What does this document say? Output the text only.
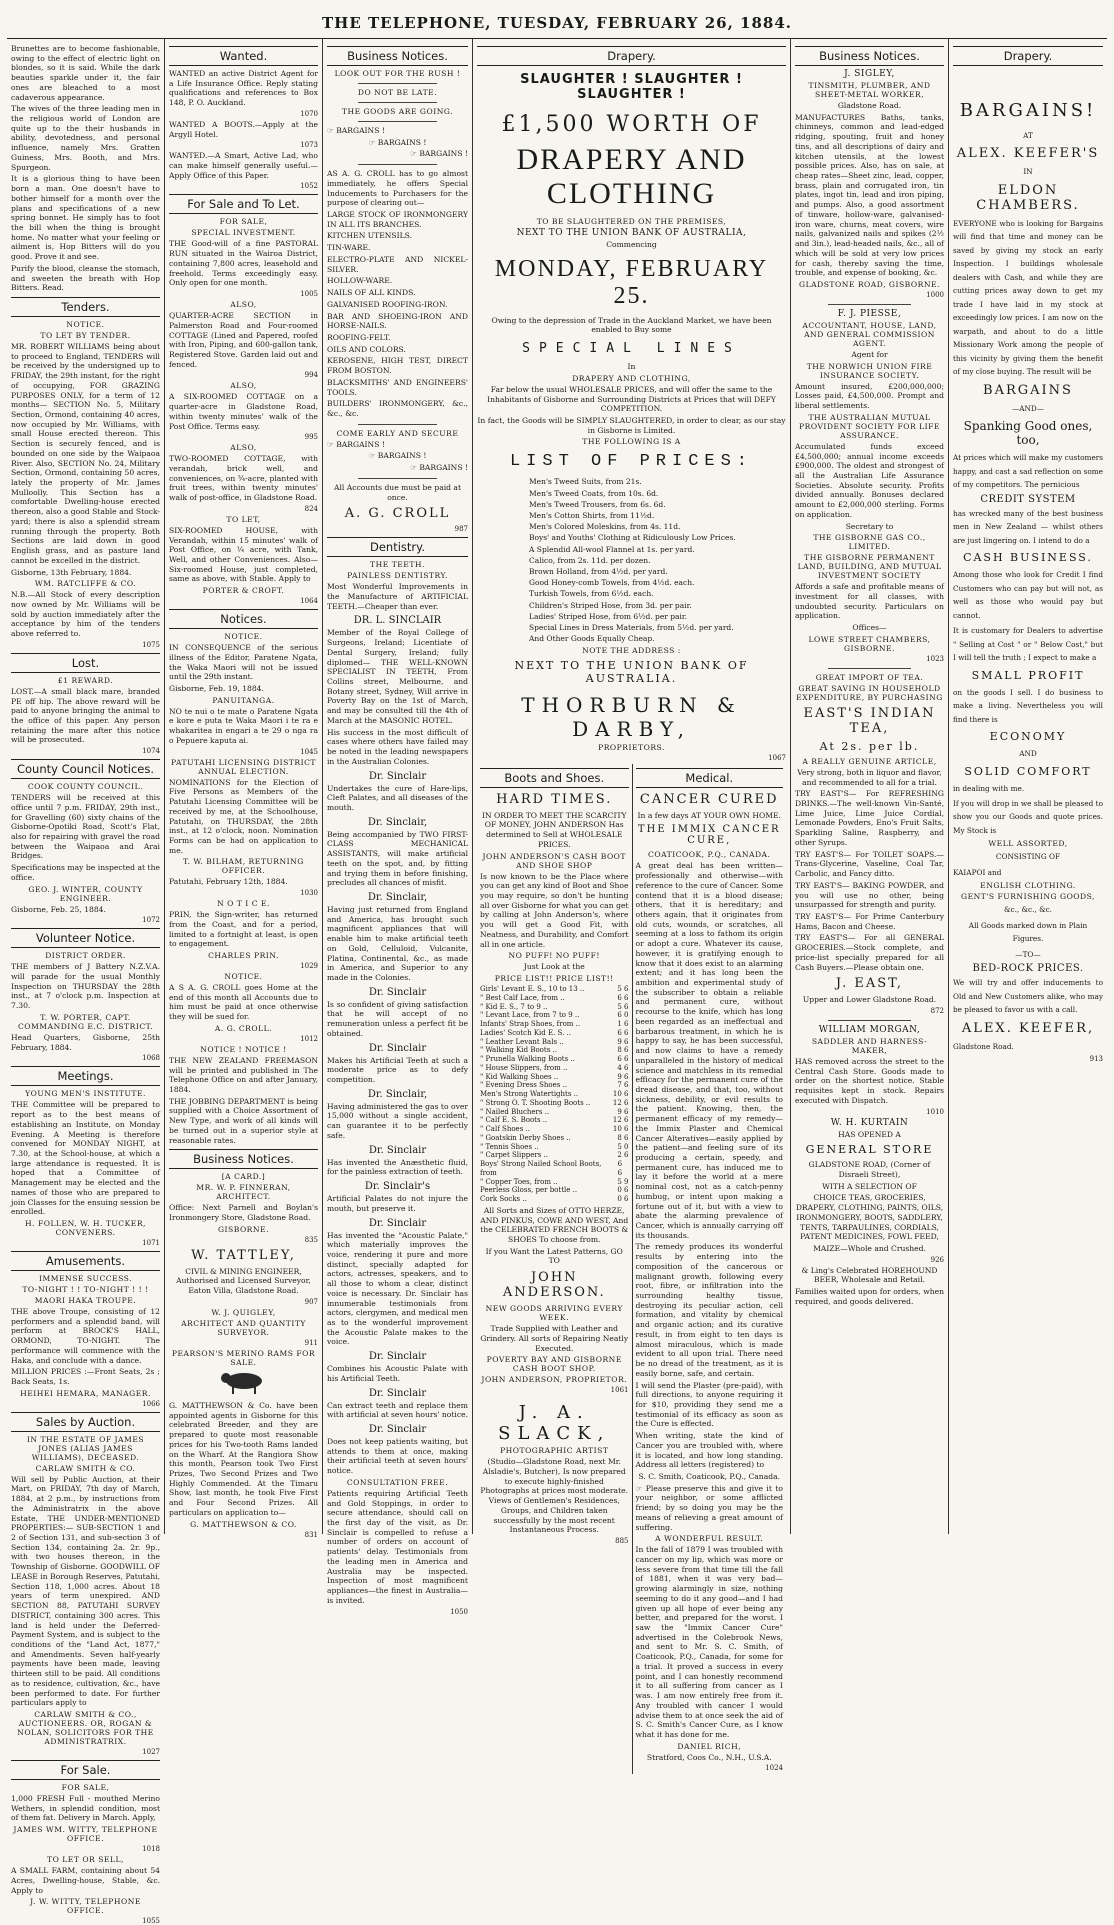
THE TELEPHONE, TUESDAY, FEBRUARY 26, 1884.

Brunettes are to become fashionable, owing to the effect of electric light on blondes, so it is said. While the dark beauties sparkle under it, the fair ones are bleached to a most cadaverous appearance.

The wives of the three leading men in the religious world of London are quite up to the their husbands in ability, devotedness, and personal influence, namely Mrs. Gratten Guiness, Mrs. Booth, and Mrs. Spurgeon.

It is a glorious thing to have been born a man. One doesn't have to bother himself for a month over the plans and specifications of a new spring bonnet. He simply has to foot the bill when the thing is brought home. No matter what your feeling or ailment is, Hop Bitters will do you good. Prove it and see.

Purify the blood, cleanse the stomach, and sweeten the breath with Hop Bitters. Read.

Tenders.
NOTICE.
TO LET BY TENDER.

MR. ROBERT WILLIAMS being about to proceed to England, TENDERS will be received by the undersigned up to FRIDAY, the 29th instant, for the right of occupying, FOR GRAZING PURPOSES ONLY, for a term of 12 months— SECTION No. 5, Military Section, Ormond, containing 40 acres, now occupied by Mr. Williams, with small House erected thereon. This Section is securely fenced, and is bounded on one side by the Waipaoa River. Also, SECTION No. 24, Military Section, Ormond, containing 50 acres, lately the property of Mr. James Mulloolly. This Section has a comfortable Dwelling-house erected thereon, also a good Stable and Stock-yard; there is also a splendid stream running through the property. Both Sections are laid down in good English grass, and as pasture land cannot be excelled in the district.

Gisborne, 13th February, 1884.

WM. RATCLIFFE & CO.

N.B.—All Stock of every description now owned by Mr. Williams will be sold by auction immediately after the acceptance by him of the tenders above referred to.

1075
Lost.
£1 REWARD.

LOST.—A small black mare, branded PE off hip. The above reward will be paid to anyone bringing the animal to the office of this paper. Any person retaining the mare after this notice will be prosecuted.

1074
County Council Notices.
COOK COUNTY COUNCIL.

TENDERS will be received at this office until 7 p.m. FRIDAY, 29th inst., for Gravelling (60) sixty chains of the Gisborne-Opotiki Road, Scott's Flat, also for repairing with gravel the road between the Waipaoa and Arai Bridges.

Specifications may be inspected at the office.

GEO. J. WINTER, COUNTY ENGINEER.

Gisborne, Feb. 25, 1884.

1072
Volunteer Notice.
DISTRICT ORDER.

THE members of J Battery N.Z.V.A. will parade for the usual Monthly Inspection on THURSDAY the 28th inst., at 7 o'clock p.m. Inspection at 7.30.

T. W. PORTER, CAPT. COMMANDING E.C. DISTRICT.

Head Quarters, Gisborne, 25th February, 1884.

1068
Meetings.
YOUNG MEN'S INSTITUTE.

THE Committee will be prepared to report as to the best means of establishing an Institute, on Monday Evening. A Meeting is therefore convened for MONDAY NIGHT, at 7.30, at the School-house, at which a large attendance is requested. It is hoped that a Committee of Management may be elected and the names of those who are prepared to join Classes for the ensuing session be enrolled.

H. FOLLEN, W. H. TUCKER, CONVENERS.
1071
Amusements.
IMMENSE SUCCESS.
TO-NIGHT ! ! TO-NIGHT ! ! !
MAORI HAKA TROUPE.

THE above Troupe, consisting of 12 performers and a splendid band, will perform at BROCK'S HALL, ORMOND, TO-NIGHT. The performance will commence with the Haka, and conclude with a dance.

MILLION PRICES :—Front Seats, 2s ; Back Seats, 1s.

HEIHEI HEMARA, MANAGER.
1066
Sales by Auction.
IN THE ESTATE OF JAMES JONES (ALIAS JAMES WILLIAMS), DECEASED.
CARLAW SMITH & CO.

Will sell by Public Auction, at their Mart, on FRIDAY, 7th day of March, 1884, at 2 p.m., by instructions from the Administratrix in the above Estate, THE UNDER-MENTIONED PROPERTIES:— SUB-SECTION 1 and 2 of Section 131, and sub-section 3 of Section 134, containing 2a. 2r. 9p., with two houses thereon, in the Township of Gisborne. GOODWILL OF LEASE in Borough Reserves, Patutahi, Section 118, 1,000 acres. About 18 years of term unexpired. AND SECTION 88, PATUTAHI SURVEY DISTRICT, containing 300 acres. This land is held under the Deferred-Payment System, and is subject to the conditions of the "Land Act, 1877," and Amendments. Seven half-yearly payments have been made, leaving thirteen still to be paid. All conditions as to residence, cultivation, &c., have been performed to date. For further particulars apply to

CARLAW SMITH & CO., AUCTIONEERS. OR, ROGAN & NOLAN, SOLICITORS FOR THE ADMINISTRATRIX.
1027
For Sale.
FOR SALE,

1,000 FRESH Full - mouthed Merino Wethers, in splendid condition, most of them fat. Delivery in March. Apply,

JAMES WM. WITTY, TELEPHONE OFFICE.
1018
TO LET OR SELL,

A SMALL FARM, containing about 54 Acres, Dwelling-house, Stable, &c. Apply to

J. W. WITTY, TELEPHONE OFFICE.
1055
Wanted.

WANTED an active District Agent for a Life Insurance Office. Reply stating qualifications and references to Box 148, P. O. Auckland.

1070

WANTED A BOOTS.—Apply at the Argyll Hotel.

1073

WANTED.—A Smart, Active Lad, who can make himself generally useful.—Apply Office of this Paper.

1052
For Sale and To Let.
FOR SALE,
SPECIAL INVESTMENT.

THE Good-will of a fine PASTORAL RUN situated in the Wairoa District, containing 7,800 acres, leasehold and freehold. Terms exceedingly easy. Only open for one month.

1005
ALSO,

QUARTER-ACRE SECTION in Palmerston Road and Four-roomed COTTAGE (Lined and Papered, roofed with Iron, Piping, and 600-gallon tank, Registered Stove. Garden laid out and fenced.

994
ALSO,

A SIX-ROOMED COTTAGE on a quarter-acre in Gladstone Road, within twenty minutes' walk of the Post Office. Terms easy.

995
ALSO,

TWO-ROOMED COTTAGE, with verandah, brick well, and conveniences, on ¾-acre, planted with fruit trees, within twenty minutes' walk of post-office, in Gladstone Road.

824
TO LET,

SIX-ROOMED HOUSE, with Verandah, within 15 minutes' walk of Post Office, on ¼ acre, with Tank, Well, and other Conveniences. Also— Six-roomed House, just completed, same as above, with Stable. Apply to

PORTER & CROFT.
1064
Notices.
NOTICE.

IN CONSEQUENCE of the serious illness of the Editor, Paratene Ngata, the Waka Maori will not be issued until the 29th instant.

Gisborne, Feb. 19, 1884.

PANUITANGA.

NO te nui o te mate o Paratene Ngata e kore e puta te Waka Maori i te ra e whakaritea in engari a te 29 o nga ra o Pepuere kaputa ai.

1045
PATUTAHI LICENSING DISTRICT ANNUAL ELECTION.

NOMINATIONS for the Election of Five Persons as Members of the Patutahi Licensing Committee will be received by me, at the Schoolhouse, Patutahi, on THURSDAY, the 28th inst., at 12 o'clock, noon. Nomination Forms can be had on application to me.

T. W. BILHAM, RETURNING OFFICER.

Patutahi, February 12th, 1884.

1030
N O T I C E.

PRIN, the Sign-writer, has returned from the Coast, and for a period, limited to a fortnight at least, is open to engagement.

CHARLES PRIN.
1029
NOTICE.

A S A. G. CROLL goes Home at the end of this month all Accounts due to him must be paid at once otherwise they will be sued for.

A. G. CROLL.
1012
NOTICE ! NOTICE !

THE NEW ZEALAND FREEMASON will be printed and published in The Telephone Office on and after January, 1884.

THE JOBBING DEPARTMENT is being supplied with a Choice Assortment of New Type, and work of all kinds will be turned out in a superior style at reasonable rates.

Business Notices.
[A CARD.]
MR. W. P. FINNERAN, ARCHITECT.

Office: Next Parnell and Boylan's Ironmongery Store, Gladstone Road.

GISBORNE.
835
W. TATTLEY,

CIVIL & MINING ENGINEER, Authorised and Licensed Surveyor, Eaton Villa, Gladstone Road.

907
W. J. QUIGLEY,
ARCHITECT AND QUANTITY SURVEYOR.
911
PEARSON'S MERINO RAMS FOR SALE.

G. MATTHEWSON & Co. have been appointed agents in Gisborne for this celebrated Breeder, and they are prepared to quote most reasonable prices for his Two-tooth Rams landed on the Wharf. At the Rangiora Show this month, Pearson took Two First Prizes, Two Second Prizes and Two Highly Commended. At the Timaru Show, last month, he took Five First and Four Second Prizes. All particulars on application to—

G. MATTHEWSON & CO.
831
Business Notices.
LOOK OUT FOR THE RUSH !
DO NOT BE LATE.
THE GOODS ARE GOING.

☞ BARGAINS !

☞ BARGAINS !

☞ BARGAINS !

AS A. G. CROLL has to go almost immediately, he offers Special Inducements to Purchasers for the purpose of clearing out—

LARGE STOCK OF IRONMONGERY IN ALL ITS BRANCHES.

KITCHEN UTENSILS.

TIN-WARE.

ELECTRO-PLATE AND NICKEL-SILVER.

HOLLOW-WARE.

NAILS OF ALL KINDS.

GALVANISED ROOFING-IRON.

BAR AND SHOEING-IRON AND HORSE-NAILS.

ROOFING-FELT.

OILS AND COLORS.

KEROSENE, HIGH TEST, DIRECT FROM BOSTON.

BLACKSMITHS' AND ENGINEERS' TOOLS.

BUILDERS' IRONMONGERY, &c., &c., &c.

COME EARLY AND SECURE

☞ BARGAINS !

☞ BARGAINS !

☞ BARGAINS !

All Accounts due must be paid at once.

A. G. CROLL
987
Dentistry.
THE TEETH.
PAINLESS DENTISTRY.

Most Wonderful Improvements in the Manufacture of ARTIFICIAL TEETH.—Cheaper than ever.

DR. L. SINCLAIR

Member of the Royal College of Surgeons, Ireland; Licentiate of Dental Surgery, Ireland; fully diplomed— THE WELL-KNOWN SPECIALIST IN TEETH, From Collins street, Melbourne, and Botany street, Sydney, Will arrive in Poverty Bay on the 1st of March, and may be consulted till the 4th of March at the MASONIC HOTEL.

His success in the most difficult of cases where others have failed may be noted in the leading newspapers in the Australian Colonies.

Dr. Sinclair

Undertakes the cure of Hare-lips, Cleft Palates, and all diseases of the mouth.

Dr. Sinclair,

Being accompanied by TWO FIRST-CLASS MECHANICAL ASSISTANTS, will make artificial teeth on the spot, and, by fitting and trying them in before finishing, precludes all chances of misfit.

Dr. Sinclair,

Having just returned from England and America, has brought such magnificent appliances that will enable him to make artificial teeth on Gold, Celluloid, Vulcanite, Platina, Continental, &c., as made in America, and Superior to any made in the Colonies.

Dr. Sinclair

Is so confident of giving satisfaction that he will accept of no remuneration unless a perfect fit be obtained.

Dr. Sinclair

Makes his Artificial Teeth at such a moderate price as to defy competition.

Dr. Sinclair,

Having administered the gas to over 15,000 without a single accident, can guarantee it to be perfectly safe.

Dr. Sinclair

Has invented the Anæsthetic fluid, for the painless extraction of teeth.

Dr. Sinclair's

Artificial Palates do not injure the mouth, but preserve it.

Dr. Sinclair

Has invented the "Acoustic Palate," which materially improves the voice, rendering it pure and more distinct, specially adapted for actors, actresses, speakers, and to all those to whom a clear, distinct voice is necessary. Dr. Sinclair has innumerable testimonials from actors, clergymen, and medical men as to the wonderful improvement the Acoustic Palate makes to the voice.

Dr. Sinclair

Combines his Acoustic Palate with his Artificial Teeth.

Dr. Sinclair

Can extract teeth and replace them with artificial at seven hours' notice.

Dr. Sinclair

Does not keep patients waiting, but attends to them at once, making their artificial teeth at seven hours' notice.

CONSULTATION FREE.

Patients requiring Artificial Teeth and Gold Stoppings, in order to secure attendance, should call on the first day of the visit, as Dr. Sinclair is compelled to refuse a number of orders on account of patients' delay. Testimonials from the leading men in America and Australia may be inspected. Inspection of most magnificent appliances—the finest in Australia—is invited.

1050
Drapery.
SLAUGHTER ! SLAUGHTER ! SLAUGHTER !
£1,500 WORTH OF
DRAPERY AND CLOTHING
TO BE SLAUGHTERED ON THE PREMISES,
NEXT TO THE UNION BANK OF AUSTRALIA,

Commencing

MONDAY, FEBRUARY 25.

Owing to the depression of Trade in the Auckland Market, we have been enabled to Buy some

SPECIAL LINES

In

DRAPERY AND CLOTHING,

Far below the usual WHOLESALE PRICES, and will offer the same to the Inhabitants of Gisborne and Surrounding Districts at Prices that will DEFY COMPETITION.

In fact, the Goods will be SIMPLY SLAUGHTERED, in order to clear, as our stay in Gisborne is Limited.

THE FOLLOWING IS A
LIST OF PRICES:

Men's Tweed Suits, from 21s.

Men's Tweed Coats, from 10s. 6d.

Men's Tweed Trousers, from 6s. 6d.

Men's Cotton Shirts, from 11½d.

Men's Colored Moleskins, from 4s. 11d.

Boys' and Youths' Clothing at Ridiculously Low Prices.

A Splendid All-wool Flannel at 1s. per yard.

Calico, from 2s. 11d. per dozen.

Brown Holland, from 4½d. per yard.

Good Honey-comb Towels, from 4½d. each.

Turkish Towels, from 6½d. each.

Children's Striped Hose, from 3d. per pair.

Ladies' Striped Hose, from 6½d. per pair.

Special Lines in Dress Materials, from 5½d. per yard.

And Other Goods Equally Cheap.

NOTE THE ADDRESS :
NEXT TO THE UNION BANK OF AUSTRALIA.
THORBURN & DARBY,
PROPRIETORS.
1067
Boots and Shoes.
HARD TIMES.

IN ORDER TO MEET THE SCARCITY OF MONEY, JOHN ANDERSON Has determined to Sell at WHOLESALE PRICES.

JOHN ANDERSON'S CASH BOOT AND SHOE SHOP

Is now known to be the Place where you can get any kind of Boot and Shoe you may require, so don't be hunting all over Gisborne for what you can get by calling at John Anderson's, where you will get a Good Fit, with Neatness, and Durability, and Comfort all in one article.

NO PUFF! NO PUFF!

Just Look at the

PRICE LIST!! PRICE LIST!!
Girls' Levant E. S., 10 to 13 ..	5 6
" Best Calf Lace, from ..	6 6
" Kid E. S., 7 to 9 ..	5 6
" Levant Lace, from 7 to 9 ..	6 0
Infants' Strap Shoes, from ..	1 6
Ladies' Scotch Kid E. S. ..	6 6
" Leather Levant Bals ..	9 6
" Walking Kid Boots ..	8 6
" Prunella Walking Boots ..	6 6
" House Slippers, from ..	4 6
" Kid Walking Shoes ..	9 6
" Evening Dress Shoes ..	7 6
Men's Strong Watertights ..	10 6
" Strong O. T. Shooting Boots ..	12 6
" Nailed Bluchers ..	9 6
" Calf E. S. Boots ..	12 6
" Calf Shoes ..	10 6
" Goatskin Derby Shoes ..	8 6
" Tennis Shoes ..	5 0
" Carpet Slippers ..	2 6
Boys' Strong Nailed School Boots, from
6 6
" Copper Toes, from ..	5 9
Peerless Gloss, per bottle ..	0 6
Cork Socks ..	0 6

All Sorts and Sizes of OTTO HERZE, AND PINKUS, COWE AND WEST, And the CELEBRATED FRENCH BOOTS & SHOES To choose from.

If you Want the Latest Patterns, GO TO

JOHN ANDERSON.
NEW GOODS ARRIVING EVERY WEEK.

Trade Supplied with Leather and Grindery. All sorts of Repairing Neatly Executed.

POVERTY BAY AND GISBORNE CASH BOOT SHOP.
JOHN ANDERSON, PROPRIETOR.
1061
J. A. SLACK,
PHOTOGRAPHIC ARTIST

(Studio—Gladstone Road, next Mr. Alsladie's, Butcher), Is now prepared to execute highly-finished Photographs at prices most moderate. Views of Gentlemen's Residences, Groups, and Children taken successfully by the most recent Instantaneous Process.

885
Medical.
CANCER CURED

In a few days AT YOUR OWN HOME.

THE IMMIX CANCER CURE,
COATICOOK, P.Q., CANADA.

A great deal has been written—professionally and otherwise—with reference to the cure of Cancer. Some contend that it is a blood disease; others, that it is hereditary; and others again, that it originates from old cuts, wounds, or scratches, all seeming at a loss to fathom its origin or adopt a cure. Whatever its cause, however, it is gratifying enough to know that it does exist to an alarming extent; and it has long been the ambition and experimental study of the subscriber to obtain a reliable and permanent cure, without recourse to the knife, which has long been regarded as an ineffectual and barbarous treatment, in which he is happy to say, he has been successful, and now claims to have a remedy unparalleled in the history of medical science and matchless in its remedial efficacy for the permanent cure of the dread disease, and that, too, without sickness, debility, or evil results to the patient. Knowing, then, the permanent efficacy of my remedy—the Immix Plaster and Chemical Cancer Alteratives—easily applied by the patient—and feeling sure of its producing a certain, speedy, and permanent cure, has induced me to lay it before the world at a mere nominal cost, not as a catch-penny humbug, or intent upon making a fortune out of it, but with a view to abate the alarming prevalence of Cancer, which is annually carrying off its thousands.

The remedy produces its wonderful results by entering into the composition of the cancerous or malignant growth, following every root, fibre, or infiltration into the surrounding healthy tissue, destroying its peculiar action, cell formation, and vitality by chemical and organic action; and its curative result, in from eight to ten days is almost miraculous, which is made evident to all upon trial. There need be no dread of the treatment, as it is easily borne, safe, and certain.

I will send the Plaster (pre-paid), with full directions, to anyone requiring it for $10, providing they send me a testimonial of its efficacy as soon as the Cure is effected.

When writing, state the kind of Cancer you are troubled with, where it is located, and how long standing. Address all letters (registered) to

S. C. Smith, Coaticook, P.Q., Canada.

☞ Please preserve this and give it to your neighbor, or some afflicted friend; by so doing you may be the means of relieving a great amount of suffering.

A WONDERFUL RESULT.

In the fall of 1879 I was troubled with cancer on my lip, which was more or less severe from that time till the fall of 1881, when it was very bad—growing alarmingly in size, nothing seeming to do it any good—and I had given up all hope of ever being any better, and prepared for the worst. I saw the "Immix Cancer Cure" advertised in the Colebrook News, and sent to Mr. S. C. Smith, of Coaticook, P.Q., Canada, for some for a trial. It proved a success in every point, and I can honestly recommend it to all suffering from cancer as I was. I am now entirely free from it. Any troubled with cancer I would advise them to at once seek the aid of S. C. Smith's Cancer Cure, as I know what it has done for me.

DANIEL RICH,

Stratford, Coos Co., N.H., U.S.A.

1024
Business Notices.
J. SIGLEY,
TINSMITH, PLUMBER, AND SHEET-METAL WORKER,

Gladstone Road.

MANUFACTURES Baths, tanks, chimneys, common and lead-edged ridging, spouting, fruit and honey tins, and all descriptions of dairy and kitchen utensils, at the lowest possible prices. Also, has on sale, at cheap rates—Sheet zinc, lead, copper, brass, plain and corrugated iron, tin plates, ingot tin, lead and iron piping, and pumps. Also, a good assortment of tinware, hollow-ware, galvanised-iron ware, churns, meat covers, wire nails, galvanized nails and spikes (2½ and 3in.), lead-headed nails, &c., all of which will be sold at very low prices for cash, thereby saving the time, trouble, and expense of booking, &c.

GLADSTONE ROAD, GISBORNE.
1000
F. J. PIESSE,
ACCOUNTANT, HOUSE, LAND, AND GENERAL COMMISSION AGENT.

Agent for

THE NORWICH UNION FIRE INSURANCE SOCIETY.

Amount insured, £200,000,000; Losses paid, £4,500,000. Prompt and liberal settlements.

THE AUSTRALIAN MUTUAL PROVIDENT SOCIETY FOR LIFE ASSURANCE.

Accumulated funds exceed £4,500,000; annual income exceeds £900,000. The oldest and strongest of all the Australian Life Assurance Societies. Absolute security. Profits divided annually. Bonuses declared amount to £2,000,000 sterling. Forms on application.

Secretary to

THE GISBORNE GAS CO., LIMITED.
THE GISBORNE PERMANENT LAND, BUILDING, AND MUTUAL INVESTMENT SOCIETY

Affords a safe and profitable means of investment for all classes, with undoubted security. Particulars on application.

Offices—

LOWE STREET CHAMBERS, GISBORNE.
1023
GREAT IMPORT OF TEA.
GREAT SAVING IN HOUSEHOLD EXPENDITURE, BY PURCHASING
EAST'S INDIAN TEA,
At 2s. per lb.
A REALLY GENUINE ARTICLE,

Very strong, both in liquor and flavor, and recommended to all for a trial.

TRY EAST'S— For REFRESHING DRINKS.—The well-known Vin-Santé, Lime Juice, Lime Juice Cordial, Lemonade Powders, Eno's Fruit Salts, Sparkling Saline, Raspberry, and other Syrups.

TRY EAST'S— For TOILET SOAPS.—Trans-Glycerine, Vaseline, Coal Tar, Carbolic, and Fancy ditto.

TRY EAST'S— BAKING POWDER, and you will use no other, being unsurpassed for strength and purity.

TRY EAST'S— For Prime Canterbury Hams, Bacon and Cheese.

TRY EAST'S— For all GENERAL GROCERIES.—Stock complete, and price-list specially prepared for all Cash Buyers.—Please obtain one.

J. EAST,

Upper and Lower Gladstone Road.

872
WILLIAM MORGAN,
SADDLER AND HARNESS-MAKER,

HAS removed across the street to the Central Cash Store. Goods made to order on the shortest notice. Stable requisites kept in stock. Repairs executed with Dispatch.

1010
W. H. KURTAIN

HAS OPENED A

GENERAL STORE

GLADSTONE ROAD, (Corner of Disraeli Street),

WITH A SELECTION OF

CHOICE TEAS, GROCERIES, DRAPERY, CLOTHING, PAINTS, OILS, IRONMONGERY, BOOTS, SADDLERY, TENTS, TARPAULINES, CORDIALS, PATENT MEDICINES, FOWL FEED,

MAIZE—Whole and Crushed.

926

& Ling's Celebrated HOREHOUND BEER, Wholesale and Retail.

Families waited upon for orders, when required, and goods delivered.

Drapery.
BARGAINS!

AT

ALEX. KEEFER'S

IN

ELDON CHAMBERS.

EVERYONE who is looking for Bargains will find that time and money can be saved by giving my stock an early Inspection. I buildings wholesale dealers with Cash, and while they are cutting prices away down to get my trade I have laid in my stock at exceedingly low prices. I am now on the warpath, and about to do a little Missionary Work among the people of this vicinity by giving them the benefit of my close buying. The result will be

BARGAINS

—AND—

Spanking Good ones, too,

At prices which will make my customers happy, and cast a sad reflection on some of my competitors. The pernicious

CREDIT SYSTEM

has wrecked many of the best business men in New Zealand — whilst others are just lingering on. I intend to do a

CASH BUSINESS.

Among those who look for Credit I find Customers who can pay but will not, as well as those who would pay but cannot.

It is customary for Dealers to advertise " Selling at Cost " or " Below Cost," but I will tell the truth ; I expect to make a

SMALL PROFIT

on the goods I sell. I do business to make a living. Nevertheless you will find there is

ECONOMY

AND

SOLID COMFORT

in dealing with me.

If you will drop in we shall be pleased to show you our Goods and quote prices. My Stock is

WELL ASSORTED,

CONSISTING OF

KAIAPOI and

ENGLISH CLOTHING.
GENT'S FURNISHING GOODS,

&c., &c., &c.

All Goods marked down in Plain Figures.

—TO—

BED-ROCK PRICES.

We will try and offer inducements to Old and New Customers alike, who may be pleased to favor us with a call.

ALEX. KEEFER,

Gladstone Road.

913
